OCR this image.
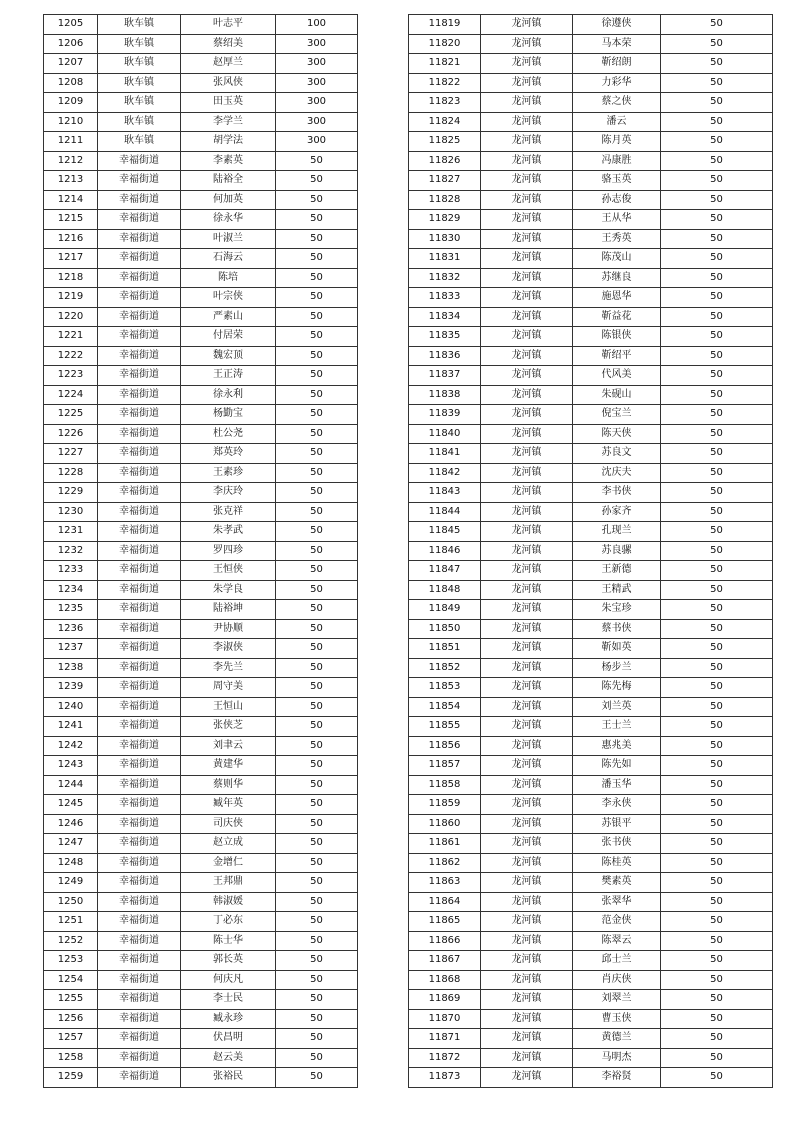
1205	耿车镇	叶志平	100
1206	耿车镇	蔡绍美	300
1207	耿车镇	赵厚兰	300
1208	耿车镇	张风侠	300
1209	耿车镇	田玉英	300
1210	耿车镇	李学兰	300
1211	耿车镇	胡学法	300
1212	幸福街道	李素英	50
1213	幸福街道	陆裕全	50
1214	幸福街道	何加英	50
1215	幸福街道	徐永华	50
1216	幸福街道	叶淑兰	50
1217	幸福街道	石海云	50
1218	幸福街道	陈培	50
1219	幸福街道	叶宗侠	50
1220	幸福街道	严素山	50
1221	幸福街道	付居荣	50
1222	幸福街道	魏宏顶	50
1223	幸福街道	王正涛	50
1224	幸福街道	徐永利	50
1225	幸福街道	杨勤宝	50
1226	幸福街道	杜公尧	50
1227	幸福街道	郑英玲	50
1228	幸福街道	王素珍	50
1229	幸福街道	李庆玲	50
1230	幸福街道	张克祥	50
1231	幸福街道	朱孝武	50
1232	幸福街道	罗四珍	50
1233	幸福街道	王恒侠	50
1234	幸福街道	朱学良	50
1235	幸福街道	陆裕坤	50
1236	幸福街道	尹协顺	50
1237	幸福街道	李淑侠	50
1238	幸福街道	李先兰	50
1239	幸福街道	周守美	50
1240	幸福街道	王恒山	50
1241	幸福街道	张侠芝	50
1242	幸福街道	刘聿云	50
1243	幸福街道	黄建华	50
1244	幸福街道	蔡则华	50
1245	幸福街道	臧年英	50
1246	幸福街道	司庆侠	50
1247	幸福街道	赵立成	50
1248	幸福街道	金增仁	50
1249	幸福街道	王邦鼎	50
1250	幸福街道	韩淑媛	50
1251	幸福街道	丁必东	50
1252	幸福街道	陈士华	50
1253	幸福街道	郭长英	50
1254	幸福街道	何庆凡	50
1255	幸福街道	李士民	50
1256	幸福街道	臧永珍	50
1257	幸福街道	伏昌明	50
1258	幸福街道	赵云美	50
1259	幸福街道	张裕民	50
11819	龙河镇	徐遵侠	50
11820	龙河镇	马本荣	50
11821	龙河镇	靳绍朗	50
11822	龙河镇	力彩华	50
11823	龙河镇	蔡之侠	50
11824	龙河镇	潘云	50
11825	龙河镇	陈月英	50
11826	龙河镇	冯康胜	50
11827	龙河镇	骆玉英	50
11828	龙河镇	孙志俊	50
11829	龙河镇	王从华	50
11830	龙河镇	王秀英	50
11831	龙河镇	陈茂山	50
11832	龙河镇	苏继良	50
11833	龙河镇	施恩华	50
11834	龙河镇	靳益花	50
11835	龙河镇	陈银侠	50
11836	龙河镇	靳绍平	50
11837	龙河镇	代风美	50
11838	龙河镇	朱砚山	50
11839	龙河镇	倪宝兰	50
11840	龙河镇	陈天侠	50
11841	龙河镇	苏良文	50
11842	龙河镇	沈庆夫	50
11843	龙河镇	李书侠	50
11844	龙河镇	孙家齐	50
11845	龙河镇	孔现兰	50
11846	龙河镇	苏良骡	50
11847	龙河镇	王新德	50
11848	龙河镇	王精武	50
11849	龙河镇	朱宝珍	50
11850	龙河镇	蔡书侠	50
11851	龙河镇	靳如英	50
11852	龙河镇	杨步兰	50
11853	龙河镇	陈先梅	50
11854	龙河镇	刘兰英	50
11855	龙河镇	王士兰	50
11856	龙河镇	惠兆美	50
11857	龙河镇	陈先如	50
11858	龙河镇	潘玉华	50
11859	龙河镇	李永侠	50
11860	龙河镇	苏银平	50
11861	龙河镇	张书侠	50
11862	龙河镇	陈桂英	50
11863	龙河镇	樊素英	50
11864	龙河镇	张翠华	50
11865	龙河镇	范金侠	50
11866	龙河镇	陈翠云	50
11867	龙河镇	邱士兰	50
11868	龙河镇	肖庆侠	50
11869	龙河镇	刘翠兰	50
11870	龙河镇	曹玉侠	50
11871	龙河镇	黄德兰	50
11872	龙河镇	马明杰	50
11873	龙河镇	李裕贤	50
